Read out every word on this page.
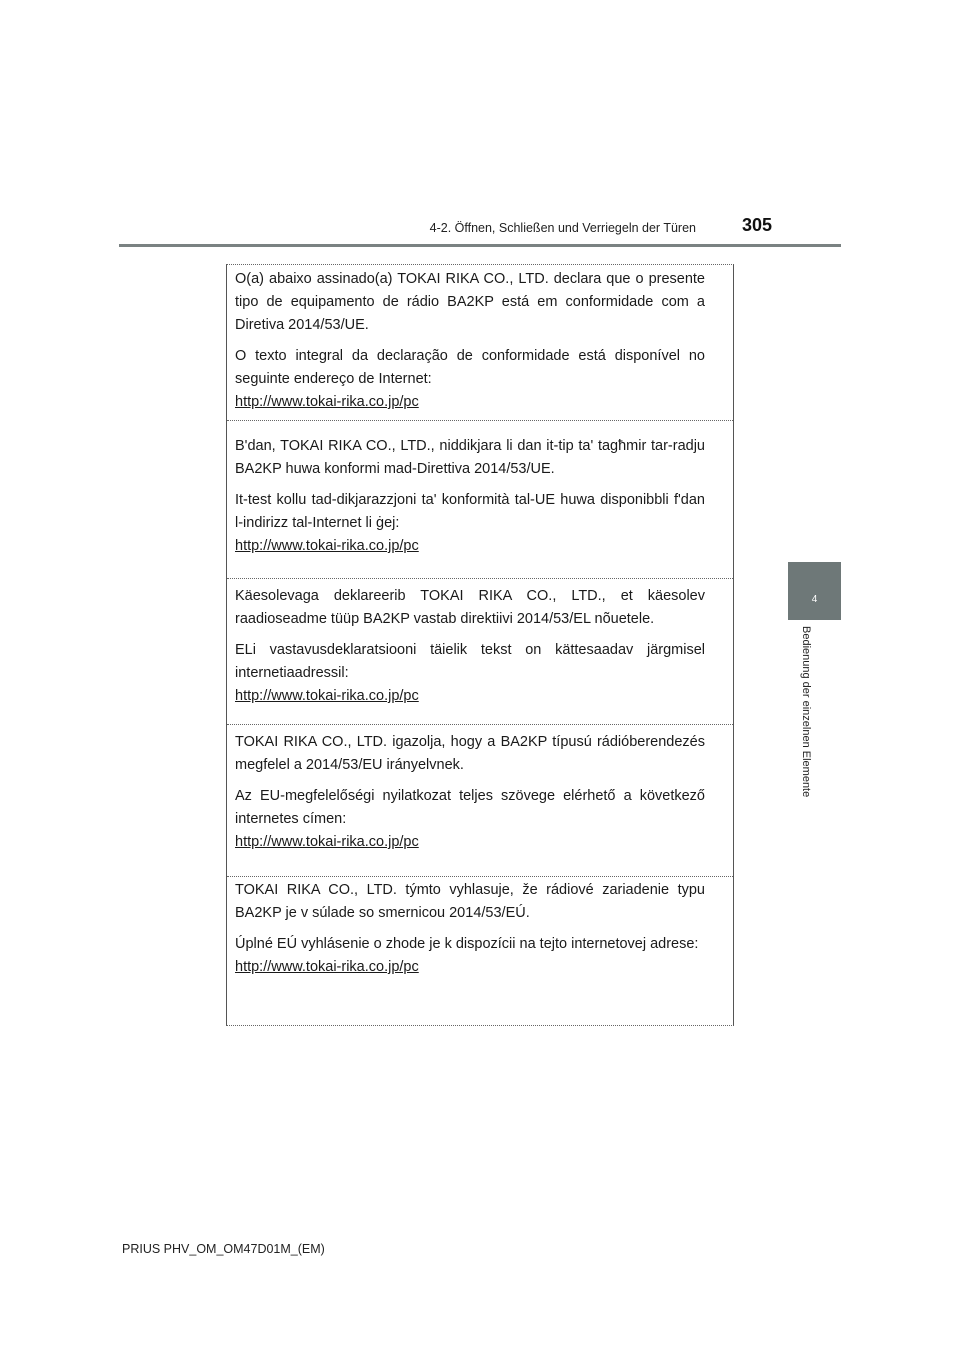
4-2. Öffnen, Schließen und Verriegeln der Türen	305
4
Bedienung der einzelnen Elemente

O(a) abaixo assinado(a) TOKAI RIKA CO., LTD. declara que o presente tipo de equipamento de rádio BA2KP está em conformidade com a Diretiva 2014/53/UE.

O texto integral da declaração de conformidade está disponível no seguinte endereço de Internet:

http://www.tokai-rika.co.jp/pc

B'dan, TOKAI RIKA CO., LTD., niddikjara li dan it-tip ta' tagħmir tar-radju BA2KP huwa konformi mad-Direttiva 2014/53/UE.

It-test kollu tad-dikjarazzjoni ta' konformità tal-UE huwa disponibbli f'dan l-indirizz tal-Internet li ġej:

http://www.tokai-rika.co.jp/pc

Käesolevaga deklareerib TOKAI RIKA CO., LTD., et käesolev raadioseadme tüüp BA2KP vastab direktiivi 2014/53/EL nõuetele.

ELi vastavusdeklaratsiooni täielik tekst on kättesaadav järgmisel internetiaadressil:

http://www.tokai-rika.co.jp/pc

TOKAI RIKA CO., LTD. igazolja, hogy a BA2KP típusú rádióberendezés megfelel a 2014/53/EU irányelvnek.

Az EU-megfelelőségi nyilatkozat teljes szövege elérhető a következő internetes címen:

http://www.tokai-rika.co.jp/pc

TOKAI RIKA CO., LTD. týmto vyhlasuje, že rádiové zariadenie typu BA2KP je v súlade so smernicou 2014/53/EÚ.

Úplné EÚ vyhlásenie o zhode je k dispozícii na tejto internetovej adrese:

http://www.tokai-rika.co.jp/pc
PRIUS PHV_OM_OM47D01M_(EM)
